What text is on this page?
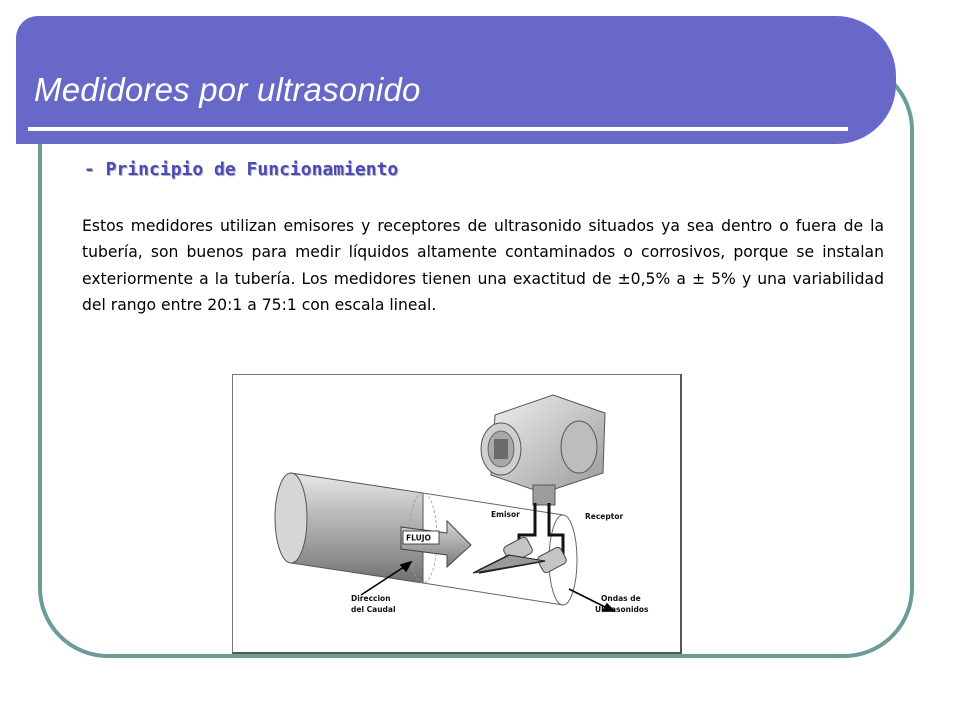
Medidores por ultrasonido
- Principio de Funcionamiento

Estos medidores utilizan emisores y receptores de ultrasonido situados ya sea dentro o fuera de la tubería, son buenos para medir líquidos altamente contaminados o corrosivos, porque se instalan exteriormente a la tubería. Los medidores tienen una exactitud de ±0,5% a ± 5% y una variabilidad del rango entre 20:1 a 75:1 con escala lineal.

FLUJO
Emisor	Receptor
Direccion
del Caudal
Ondas de
Ultrasonidos
